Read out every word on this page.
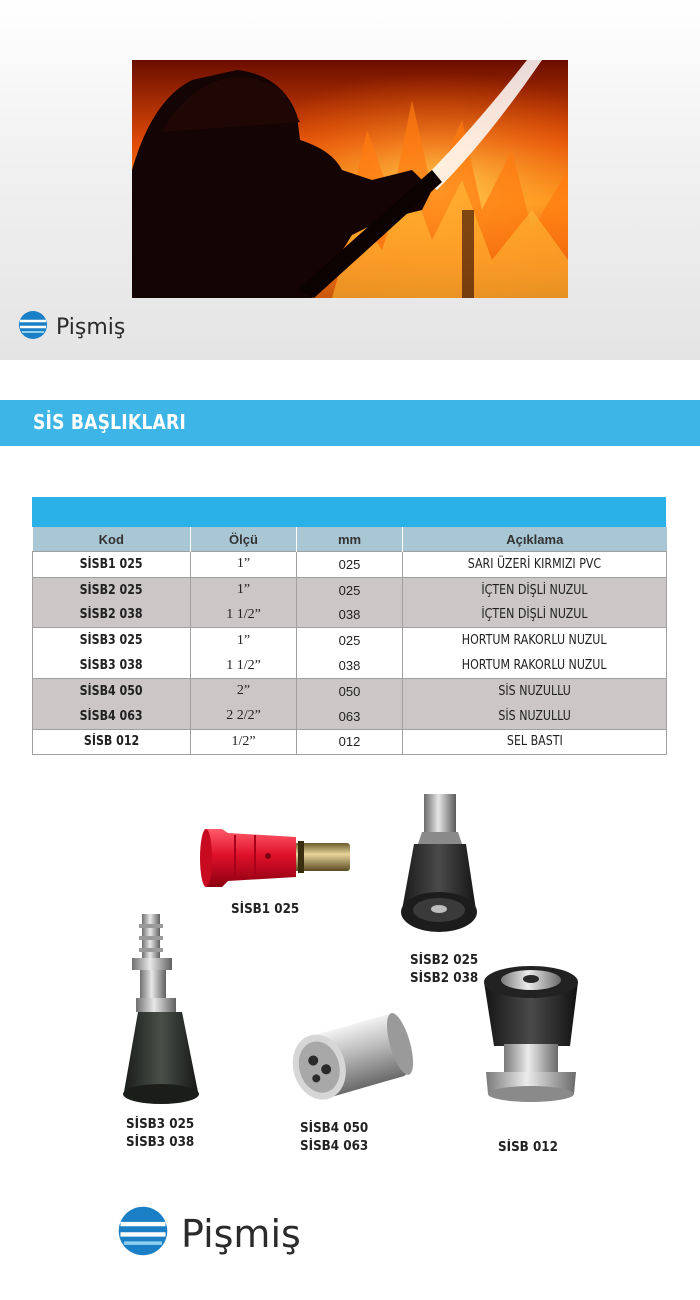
Pişmiş
SİS BAŞLIKLARI
Kod	Ölçü	mm	Açıklama
SİSB1 025	1”	025	SARI ÜZERİ KIRMIZI PVC
SİSB2 025	1”	025	İÇTEN DİŞLİ NUZUL
SİSB2 038	1 1/2”	038	İÇTEN DİŞLİ NUZUL
SİSB3 025	1”	025	HORTUM RAKORLU NUZUL
SİSB3 038	1 1/2”	038	HORTUM RAKORLU NUZUL
SİSB4 050	2”	050	SİS NUZULLU
SİSB4 063	2 2/2”	063	SİS NUZULLU
SİSB 012	1/2”	012	SEL BASTI
SİSB1 025
SİSB2 025
SİSB2 038
SİSB3 025
SİSB3 038
SİSB4 050
SİSB4 063	SİSB 012
Pişmiş
